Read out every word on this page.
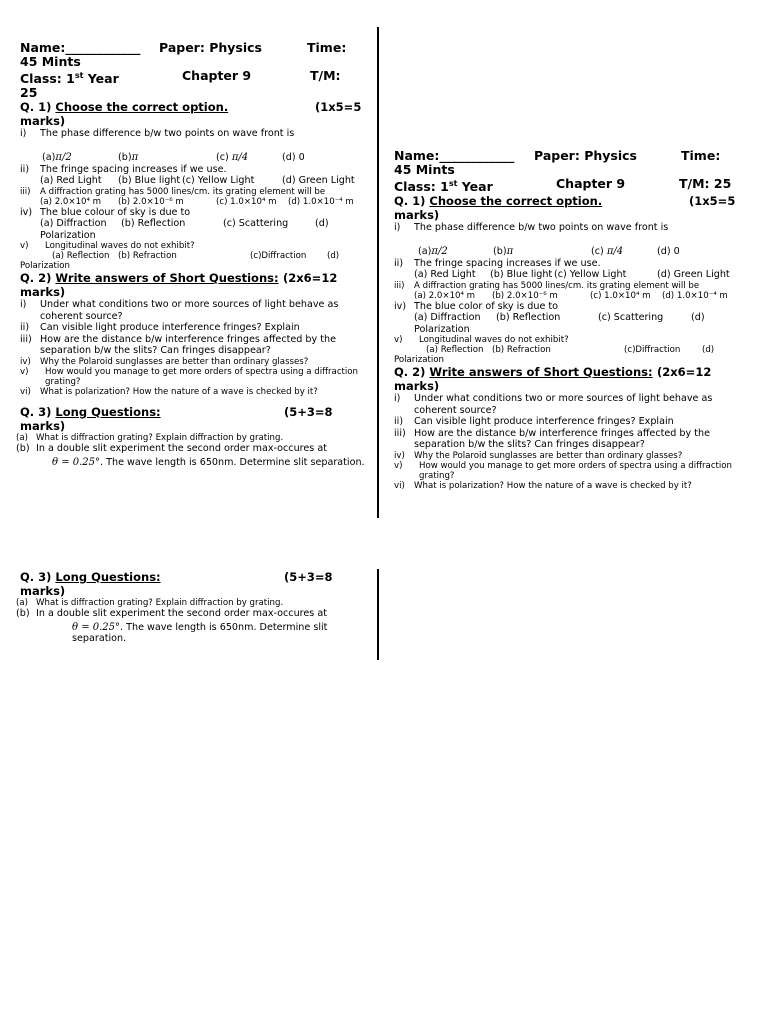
Name:____________	Paper: Physics	Time:
45 Mints
Class: 1st Year	Chapter 9	T/M:
25
Q. 1) Choose the correct option.	(1x5=5
marks)
i)	The phase difference b/w two points on wave front is
(a)π/2	(b)π	(c) π/4	(d) 0
ii)	The fringe spacing increases if we use.
(a) Red Light	(b) Blue light (c) Yellow Light	(d) Green Light
iii)	A diffraction grating has 5000 lines/cm. its grating element will be
(a) 2.0×10⁴ m	(b) 2.0×10⁻⁶ m	(c) 1.0×10⁴ m	(d) 1.0×10⁻⁴ m
iv) The blue colour of sky is due to
(a) Diffraction	(b) Reflection	(c) Scattering	(d)
Polarization
v)	Longitudinal waves do not exhibit?
(a) Reflection (b) Refraction	(c)Diffraction	(d)
Polarization
Q. 2) Write answers of Short Questions: (2x6=12
marks)
i)	Under what conditions two or more sources of light behave as coherent source?
ii)	Can visible light produce interference fringes? Explain
iii) How are the distance b/w interference fringes affected by the separation b/w the slits? Can fringes disappear?
iv)	Why the Polaroid sunglasses are better than ordinary glasses?
v)	How would you manage to get more orders of spectra using a diffraction grating?
vi)	What is polarization? How the nature of a wave is checked by it?
Q. 3) Long Questions:	(5+3=8
marks)
(a) What is diffraction grating? Explain diffraction by grating.
(b) In a double slit experiment the second order max-occures at
θ = 0.25°. The wave length is 650nm. Determine slit separation.
Q. 3) Long Questions:	(5+3=8
marks)
(a) What is diffraction grating? Explain diffraction by grating.
(b) In a double slit experiment the second order max-occures at
θ = 0.25°. The wave length is 650nm. Determine slit
separation.
Name:____________	Paper: Physics	Time:
45 Mints
Class: 1st Year	Chapter 9	T/M: 25
Q. 1) Choose the correct option.	(1x5=5
marks)
i)	The phase difference b/w two points on wave front is
(a)π/2	(b)π	(c) π/4	(d) 0
ii)	The fringe spacing increases if we use.
(a) Red Light	(b) Blue light (c) Yellow Light	(d) Green Light
iii)	A diffraction grating has 5000 lines/cm. its grating element will be
(a) 2.0×10⁴ m	(b) 2.0×10⁻⁶ m	(c) 1.0×10⁴ m	(d) 1.0×10⁻⁴ m
iv) The blue color of sky is due to
(a) Diffraction	(b) Reflection	(c) Scattering	(d)
Polarization
v)	Longitudinal waves do not exhibit?
(a) Reflection (b) Refraction	(c)Diffraction	(d)
Polarization
Q. 2) Write answers of Short Questions: (2x6=12
marks)
i)	Under what conditions two or more sources of light behave as coherent source?
ii)	Can visible light produce interference fringes? Explain
iii) How are the distance b/w interference fringes affected by the separation b/w the slits? Can fringes disappear?
iv)	Why the Polaroid sunglasses are better than ordinary glasses?
v)	How would you manage to get more orders of spectra using a diffraction grating?
vi)	What is polarization? How the nature of a wave is checked by it?
